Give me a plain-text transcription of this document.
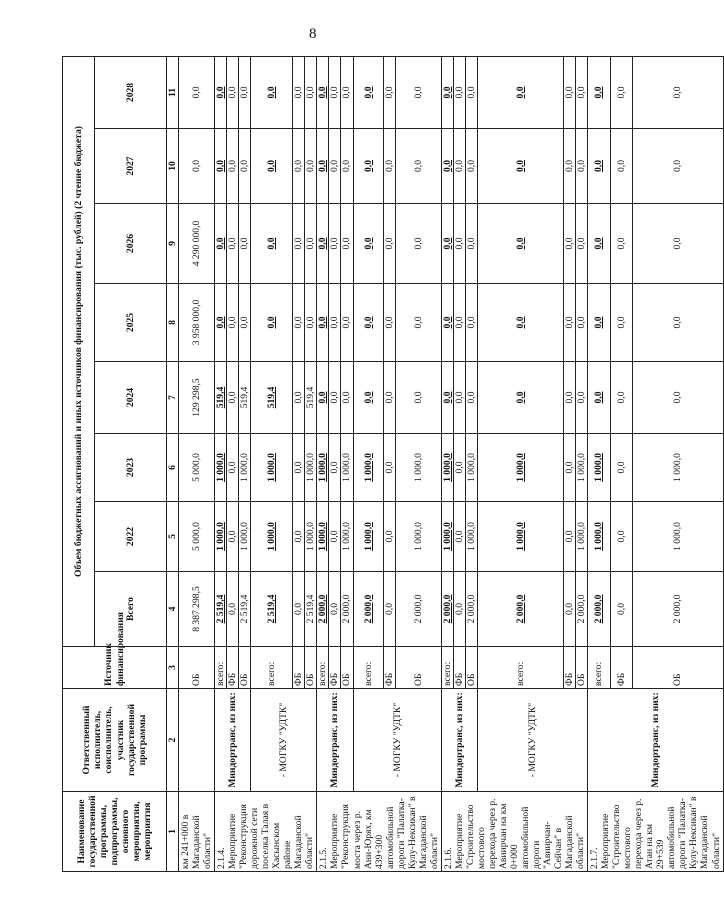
8
Наименование государственной программы, подпрограммы, основного мероприятия, мероприятия	Ответственный исполнитель, соисполнитель, участник государственной программы	Источник финансирования	Объем бюджетных ассигнований и иных источников финансирования (тыс. рублей) (2 чтение бюджета)							
			Всего	2022	2023	2024	2025	2026	2027	2028
1	2	3	4	5	6	7	8	9	10	11
км 241+000 в Магаданской области"		ОБ	8 387 298,5	5 000,0	5 000,0	129 298,5	3 958 000,0	4 290 000,0	0,0	0,0
2.1.4. Мероприятие "Реконструкция дорожной сети поселка Талая в Хасынском районе Магаданской области"	Миндортранс, из них:	всего:	2 519,4	1 000,0	1 000,0	519,4	0,0	0,0	0,0	0,0
		ФБ	0,0	0,0	0,0	0,0	0,0	0,0	0,0	0,0
		ОБ	2 519,4	1 000,0	1 000,0	519,4	0,0	0,0	0,0	0,0
	- МОГКУ "УДТК"	всего:	2 519,4	1 000,0	1 000,0	519,4	0,0	0,0	0,0	0,0
		ФБ	0,0	0,0	0,0	0,0	0,0	0,0	0,0	0,0
		ОБ	2 519,4	1 000,0	1 000,0	519,4	0,0	0,0	0,0	0,0
2.1.5. Мероприятие "Реконструкция моста через р. Ани-Юрях, км 439+300 автомобильной дороги "Палатка-Кулу-Нексикан" в Магаданской области"	Миндортранс, из них:	всего:	2 000,0	1 000,0	1 000,0	0,0	0,0	0,0	0,0	0,0
		ФБ	0,0	0,0	0,0	0,0	0,0	0,0	0,0	0,0
		ОБ	2 000,0	1 000,0	1 000,0	0,0	0,0	0,0	0,0	0,0
	- МОГКУ "УДТК"	всего:	2 000,0	1 000,0	1 000,0	0,0	0,0	0,0	0,0	0,0
		ФБ	0,0	0,0	0,0	0,0	0,0	0,0	0,0	0,0
		ОБ	2 000,0	1 000,0	1 000,0	0,0	0,0	0,0	0,0	0,0
2.1.6. Мероприятие "Строительство мостового перехода через р. Авиирчан на км 0+000 автомобильной дороги "Авиирчан-Сейчан" в Магаданской области"	Миндортранс, из них:	всего:	2 000,0	1 000,0	1 000,0	0,0	0,0	0,0	0,0	0,0
		ФБ	0,0	0,0	0,0	0,0	0,0	0,0	0,0	0,0
		ОБ	2 000,0	1 000,0	1 000,0	0,0	0,0	0,0	0,0	0,0
	- МОГКУ "УДТК"	всего:	2 000,0	1 000,0	1 000,0	0,0	0,0	0,0	0,0	0,0
		ФБ	0,0	0,0	0,0	0,0	0,0	0,0	0,0	0,0
		ОБ	2 000,0	1 000,0	1 000,0	0,0	0,0	0,0	0,0	0,0
2.1.7. Мероприятие "Строительство мостового перехода через р. Атан на км 29+539 автомобильной дороги "Палатка-Кулу-Нексикан" в Магаданской области"	Миндортранс, из них:	всего:	2 000,0	1 000,0	1 000,0	0,0	0,0	0,0	0,0	0,0
		ФБ	0,0	0,0	0,0	0,0	0,0	0,0	0,0	0,0
		ОБ	2 000,0	1 000,0	1 000,0	0,0	0,0	0,0	0,0	0,0
